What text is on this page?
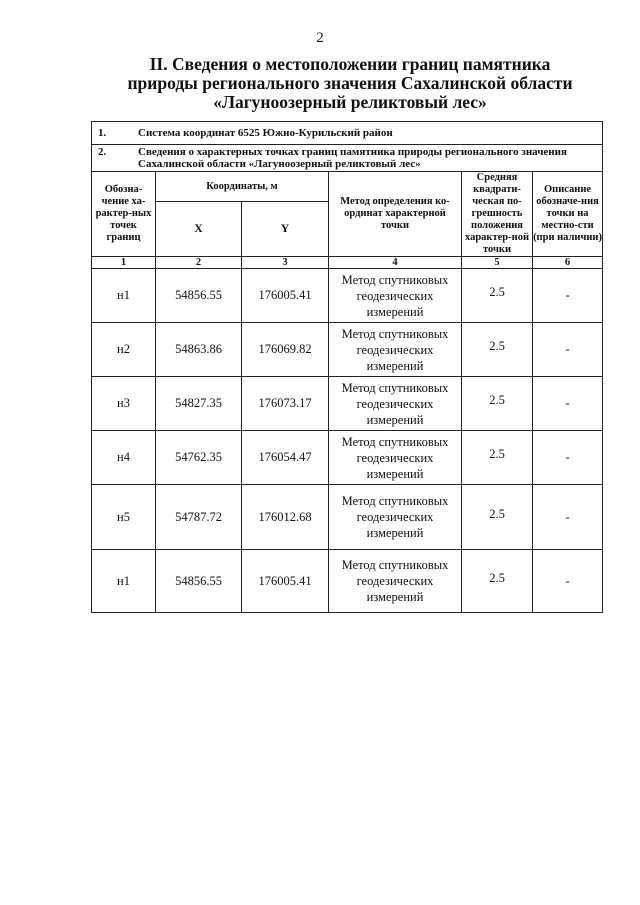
2
II. Сведения о местоположении границ памятника
природы регионального значения Сахалинской области
«Лагуноозерный реликтовый лес»
1. Система координат 6525 Южно-Курильский район					
2. Сведения о характерных точках границ памятника природы регионального значения Сахалинской области «Лагуноозерный реликтовый лес»					
Обозна-чение ха-рактер-ных точек границ	Координаты, м		Метод определения ко-ординат характерной точки	Средняя квадрати-ческая по-грешность положения характер-ной точки	Описание обозначе-ния точки на местно-сти (при наличии)
	X	Y			
1	2	3	4	5	6
н1	54856.55	176005.41	Метод спутниковых геодезических измерений	2.5	-
н2	54863.86	176069.82	Метод спутниковых геодезических измерений	2.5	-
н3	54827.35	176073.17	Метод спутниковых геодезических измерений	2.5	-
н4	54762.35	176054.47	Метод спутниковых геодезических измерений	2.5	-
н5	54787.72	176012.68	Метод спутниковых геодезических измерений	2.5	-
н1	54856.55	176005.41	Метод спутниковых геодезических измерений	2.5	-
